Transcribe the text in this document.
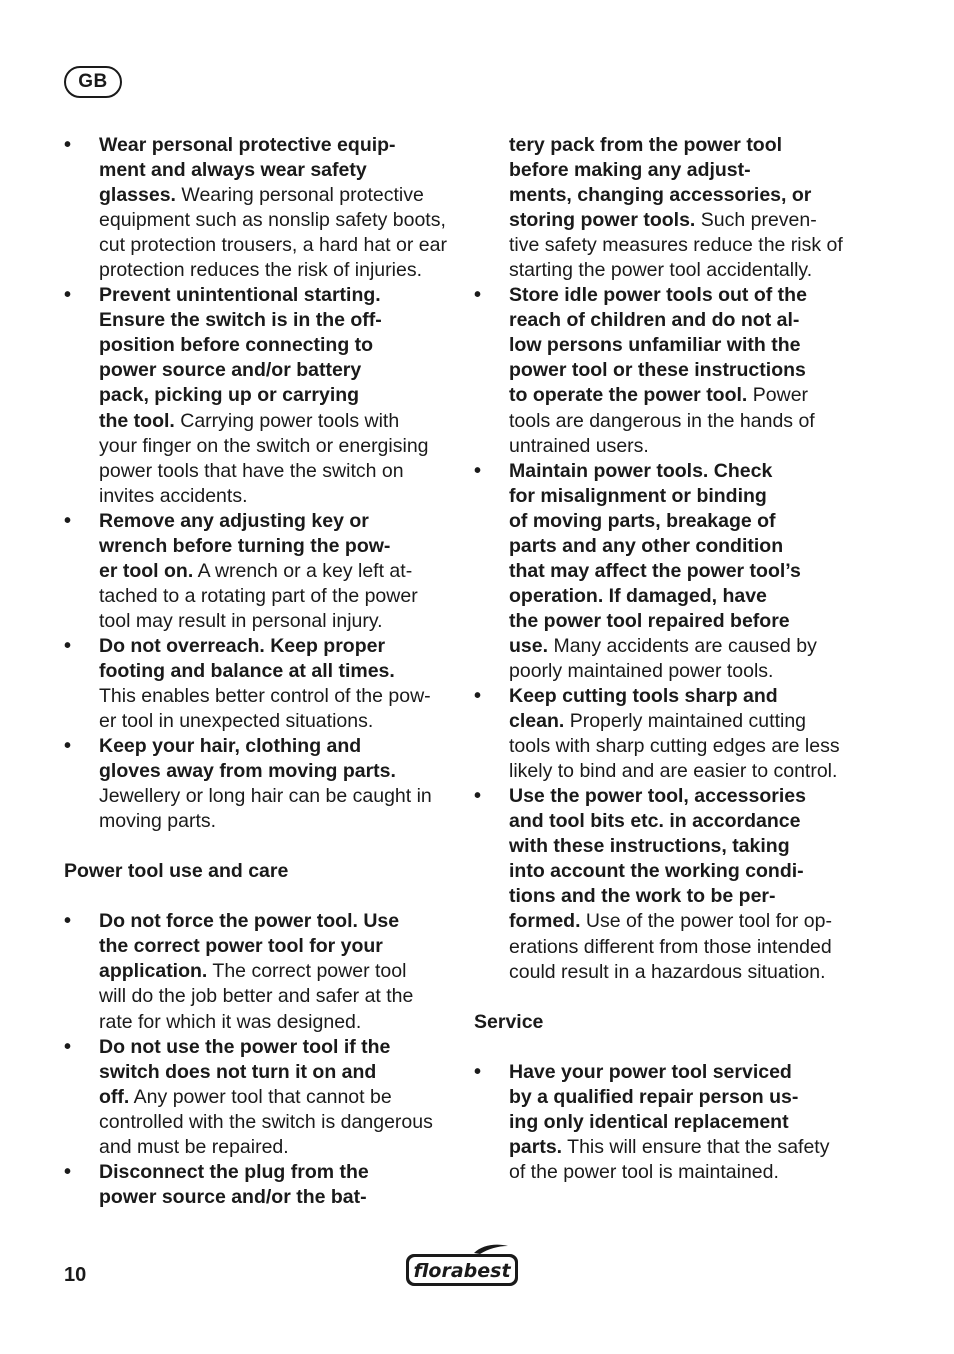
GB
• Wear personal protective equip-
ment and always wear safety
glasses. Wearing personal protective
equipment such as nonslip safety boots,
cut protection trousers, a hard hat or ear
protection reduces the risk of injuries.
• Prevent unintentional starting.
Ensure the switch is in the off-
position before connecting to
power source and/or battery
pack, picking up or carrying
the tool. Carrying power tools with
your finger on the switch or energising
power tools that have the switch on
invites accidents.
• Remove any adjusting key or
wrench before turning the pow-
er tool on. A wrench or a key left at-
tached to a rotating part of the power
tool may result in personal injury.
• Do not overreach. Keep proper
footing and balance at all times.
This enables better control of the pow-
er tool in unexpected situations.
• Keep your hair, clothing and
gloves away from moving parts.
Jewellery or long hair can be caught in
moving parts.
Power tool use and care
• Do not force the power tool. Use
the correct power tool for your
application. The correct power tool
will do the job better and safer at the
rate for which it was designed.
• Do not use the power tool if the
switch does not turn it on and
off. Any power tool that cannot be
controlled with the switch is dangerous
and must be repaired.
• Disconnect the plug from the
power source and/or the bat-
tery pack from the power tool
before making any adjust-
ments, changing accessories, or
storing power tools. Such preven-
tive safety measures reduce the risk of
starting the power tool accidentally.
• Store idle power tools out of the
reach of children and do not al-
low persons unfamiliar with the
power tool or these instructions
to operate the power tool. Power
tools are dangerous in the hands of
untrained users.
• Maintain power tools. Check
for misalignment or binding
of moving parts, breakage of
parts and any other condition
that may affect the power tool’s
operation. If damaged, have
the power tool repaired before
use. Many accidents are caused by
poorly maintained power tools.
• Keep cutting tools sharp and
clean. Properly maintained cutting
tools with sharp cutting edges are less
likely to bind and are easier to control.
• Use the power tool, accessories
and tool bits etc. in accordance
with these instructions, taking
into account the working condi-
tions and the work to be per-
formed. Use of the power tool for op-
erations different from those intended
could result in a hazardous situation.
Service
• Have your power tool serviced
by a qualified repair person us-
ing only identical replacement
parts. This will ensure that the safety
of the power tool is maintained.
10	florabest
